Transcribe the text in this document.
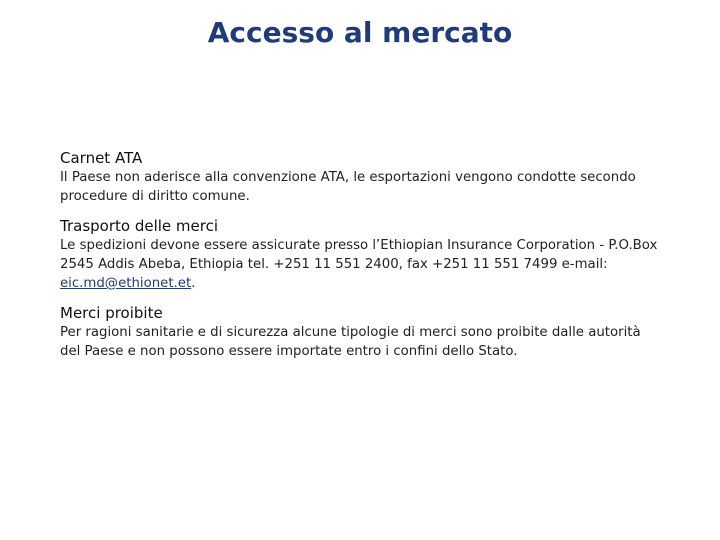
Accesso al mercato

Carnet ATA

Il Paese non aderisce alla convenzione ATA, le esportazioni vengono condotte secondo procedure di diritto comune.

Trasporto delle merci

Le spedizioni devone essere assicurate presso l’Ethiopian Insurance Corporation - P.O.Box 2545 Addis Abeba, Ethiopia tel. +251 11 551 2400, fax +251 11 551 7499 e-mail: eic.md@ethionet.et.

Merci proibite

Per ragioni sanitarie e di sicurezza alcune tipologie di merci sono proibite dalle autorità del Paese e non possono essere importate entro i confini dello Stato.
